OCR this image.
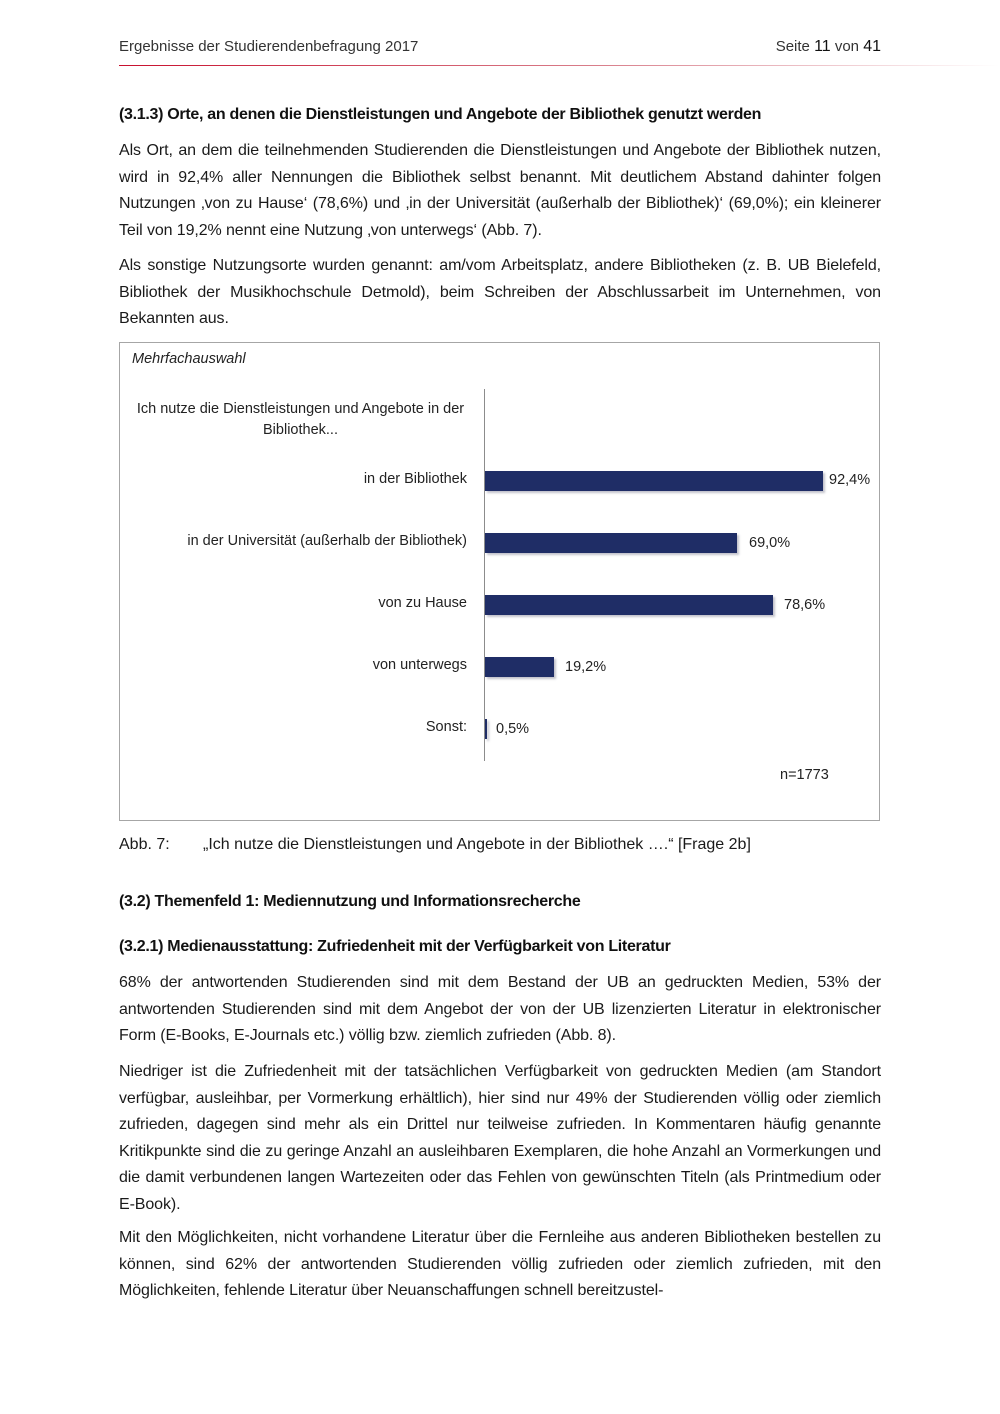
Ergebnisse der Studierendenbefragung 2017	Seite 11 von 41
(3.1.3) Orte, an denen die Dienstleistungen und Angebote der Bibliothek genutzt werden
Als Ort, an dem die teilnehmenden Studierenden die Dienstleistungen und Angebote der Bibliothek nutzen, wird in 92,4% aller Nennungen die Bibliothek selbst benannt. Mit deutlichem Abstand dahinter folgen Nutzungen ‚von zu Hause‘ (78,6%) und ‚in der Universität (außerhalb der Bibliothek)‘ (69,0%); ein kleinerer Teil von 19,2% nennt eine Nutzung ‚von unterwegs‘ (Abb. 7).
Als sonstige Nutzungsorte wurden genannt: am/vom Arbeitsplatz, andere Bibliotheken (z. B. UB Bielefeld, Bibliothek der Musikhochschule Detmold), beim Schreiben der Abschlussarbeit im Unternehmen, von Bekannten aus.
Mehrfachauswahl
Ich nutze die Dienstleistungen und Angebote in der Bibliothek...
in der Bibliothek	92,4%
in der Universität (außerhalb der Bibliothek)	69,0%
von zu Hause	78,6%
von unterwegs	19,2%
Sonst: 0,5%
n=1773
Abb. 7: „Ich nutze die Dienstleistungen und Angebote in der Bibliothek ….“ [Frage 2b]
(3.2) Themenfeld 1: Mediennutzung und Informationsrecherche
(3.2.1) Medienausstattung: Zufriedenheit mit der Verfügbarkeit von Literatur
68% der antwortenden Studierenden sind mit dem Bestand der UB an gedruckten Medien, 53% der antwortenden Studierenden sind mit dem Angebot der von der UB lizenzierten Literatur in elektronischer Form (E-Books, E-Journals etc.) völlig bzw. ziemlich zufrieden (Abb. 8).
Niedriger ist die Zufriedenheit mit der tatsächlichen Verfügbarkeit von gedruckten Medien (am Standort verfügbar, ausleihbar, per Vormerkung erhältlich), hier sind nur 49% der Studierenden völlig oder ziemlich zufrieden, dagegen sind mehr als ein Drittel nur teilweise zufrieden. In Kommentaren häufig genannte Kritikpunkte sind die zu geringe Anzahl an ausleihbaren Exemplaren, die hohe Anzahl an Vormerkungen und die damit verbundenen langen Wartezeiten oder das Fehlen von gewünschten Titeln (als Printmedium oder E-Book).
Mit den Möglichkeiten, nicht vorhandene Literatur über die Fernleihe aus anderen Bibliotheken bestellen zu können, sind 62% der antwortenden Studierenden völlig zufrieden oder ziemlich zufrieden, mit den Möglichkeiten, fehlende Literatur über Neuanschaffungen schnell bereitzustel-
